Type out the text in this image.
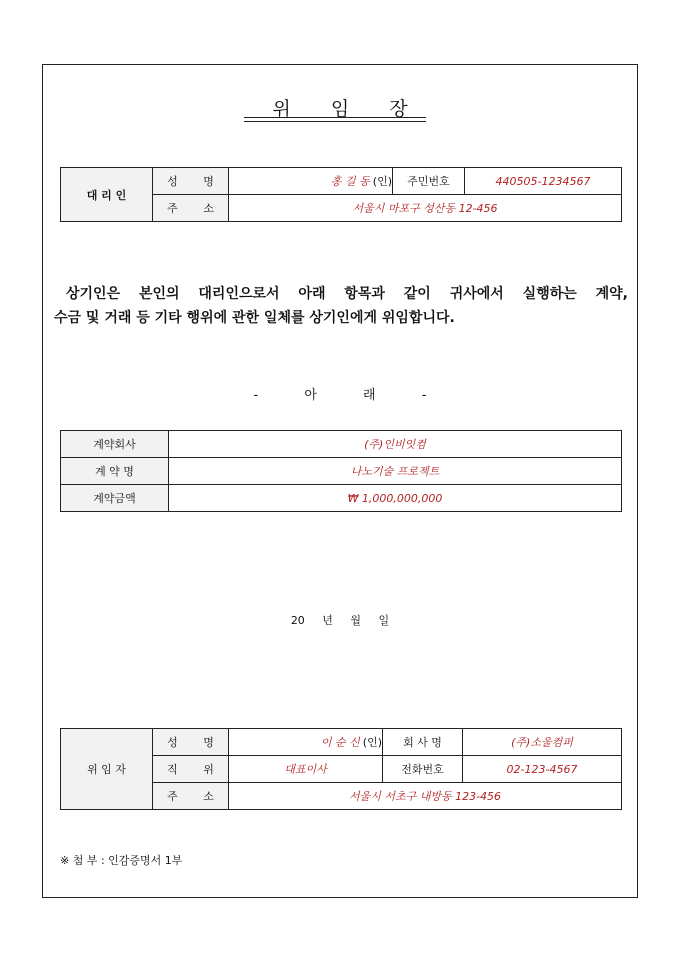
위 임 장
대 리 인	성 명	홍 길 동 (인)	주민번호	440505-1234567
	주 소	서울시 마포구 성산동 12-456		
상기인은 본인의 대리인으로서 아래 항목과 같이 귀사에서 실행하는 계약,
수금 및 거래 등 기타 행위에 관한 일체를 상기인에게 위임합니다.
- 아 래 -
계약회사	(주)인비잇컴
계 약 명	나노기술 프로젝트
계약금액	₩ 1,000,000,000
20 년 월 일
위 임 자	성 명	이 순 신 (인)	회 사 명	(주)소울컴퍼
	직 위	대표이사	전화번호	02-123-4567
	주 소	서울시 서초구 내방동 123-456		
※ 첨 부 : 인감증명서 1부
